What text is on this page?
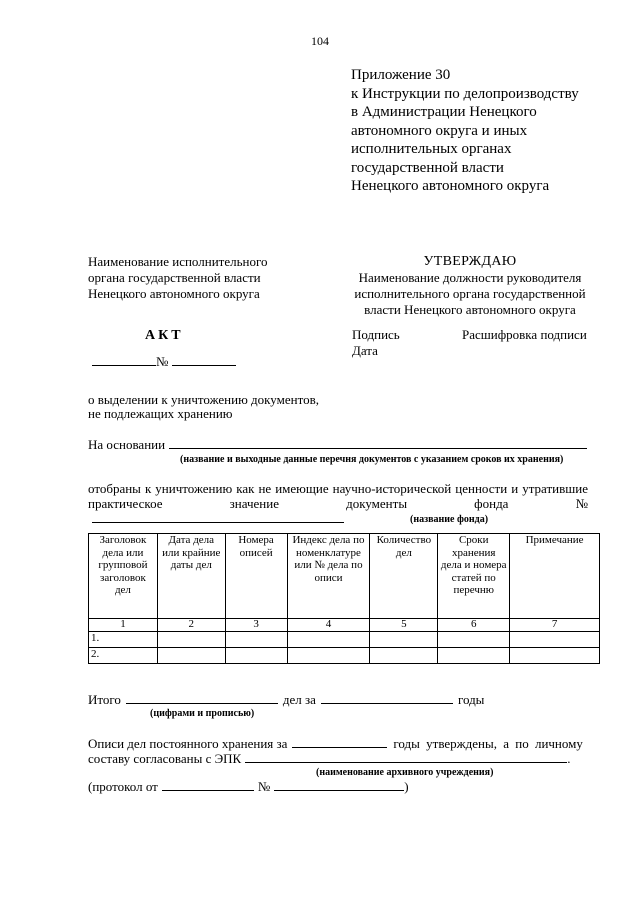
104
Приложение 30
к Инструкции по делопроизводству
в Администрации Ненецкого
автономного округа и иных
исполнительных органах
государственной власти
Ненецкого автономного округа
Наименование исполнительного
органа государственной власти
Ненецкого автономного округа
УТВЕРЖДАЮ
Наименование должности руководителя
исполнительного органа государственной
власти Ненецкого автономного округа
Подпись
Дата
Расшифровка подписи
АКТ
№
о выделении к уничтожению документов,
не подлежащих хранению
На основании
(название и выходные данные перечня документов с указанием сроков их хранения)
отобраны к уничтожению как не имеющие научно-исторической ценности и утратившие практическое значение документы фонда №
(название фонда)
Заголовок дела или групповой заголовок дел	Дата дела или крайние даты дел	Номера описей	Индекс дела по номенклатуре или № дела по описи	Количество дел	Сроки хранения дела и номера статей по перечню	Примечание
1	2	3	4	5	6	7
1.						
2.						
Итого	дел за	годы
(цифрами и прописью)
Описи дел постоянного хранения за	годы утверждены, а по личному
составу согласованы с ЭПК	.
(наименование архивного учреждения)
(протокол от	№	)
